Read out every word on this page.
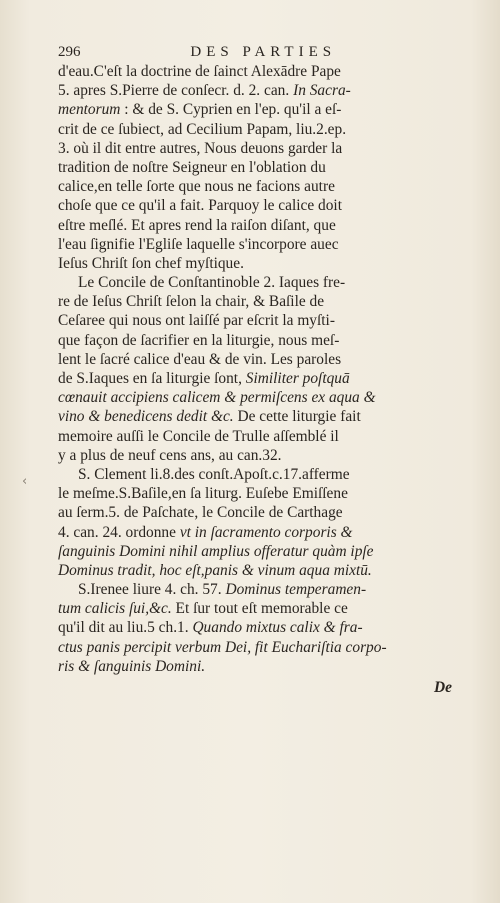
‹
296	DES PARTIES
d'eau.C'eſt la doctrine de ſainct Alexādre Pape
5. apres S.Pierre de conſecr. d. 2. can. In Sacra-
mentorum : & de S. Cyprien en l'ep. qu'il a eſ-
crit de ce ſubiect, ad Cecilium Papam, liu.2.ep.
3. où il dit entre autres, Nous deuons garder la
tradition de noſtre Seigneur en l'oblation du
calice,en telle ſorte que nous ne facions autre
choſe que ce qu'il a fait. Parquoy le calice doit
eſtre meſlé. Et apres rend la raiſon diſant, que
l'eau ſignifie l'Egliſe laquelle s'incorpore auec
Ieſus Chriſt ſon chef myſtique.
Le Concile de Conſtantinoble 2. Iaques fre-
re de Ieſus Chriſt ſelon la chair, & Baſile de
Ceſaree qui nous ont laiſſé par eſcrit la myſti-
que façon de ſacrifier en la liturgie, nous meſ-
lent le ſacré calice d'eau & de vin. Les paroles
de S.Iaques en ſa liturgie ſont, Similiter poſtquā
cœnauit accipiens calicem & permiſcens ex aqua &
vino & benedicens dedit &c. De cette liturgie fait
memoire auſſi le Concile de Trulle aſſemblé il
y a plus de neuf cens ans, au can.32.
S. Clement li.8.des conſt.Apoſt.c.17.afferme
le meſme.S.Baſile,en ſa liturg. Euſebe Emiſſene
au ſerm.5. de Paſchate, le Concile de Carthage
4. can. 24. ordonne vt in ſacramento corporis &
ſanguinis Domini nihil amplius offeratur quàm ipſe
Dominus tradit, hoc eſt,panis & vinum aqua mixtū.
S.Irenee liure 4. ch. 57. Dominus temperamen-
tum calicis ſui,&c. Et ſur tout eſt memorable ce
qu'il dit au liu.5 ch.1. Quando mixtus calix & fra-
ctus panis percipit verbum Dei, fit Euchariſtia corpo-
ris & ſanguinis Domini.
De
